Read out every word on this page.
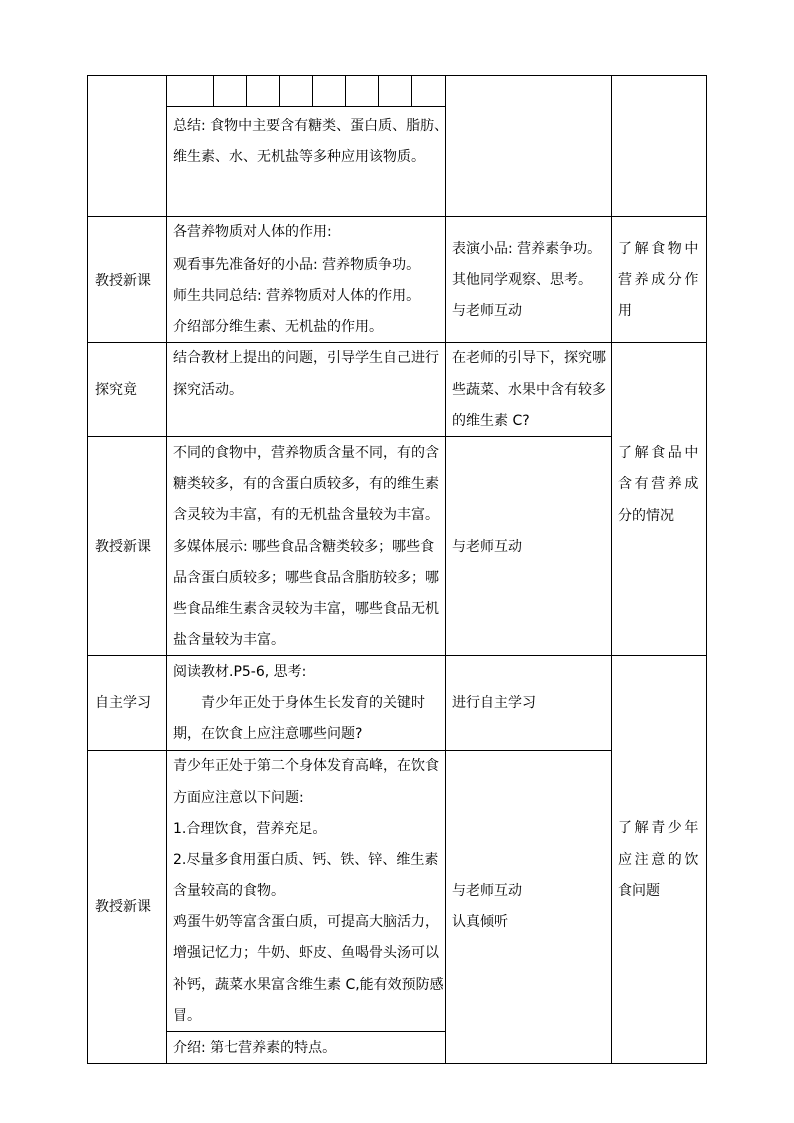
总结: 食物中主要含有糖类、蛋白质、脂肪、
维生素、水、无机盐等多种应用该物质。
教授新课
各营养物质对人体的作用:
观看事先准备好的小品: 营养物质争功。
师生共同总结: 营养物质对人体的作用。
介绍部分维生素、无机盐的作用。
表演小品: 营养素争功。
其他同学观察、思考。
与老师互动
了解食物中
营养成分作
用
探究竟
结合教材上提出的问题，引导学生自己进行
探究活动。
在老师的引导下，探究哪
些蔬菜、水果中含有较多
的维生素 C?
教授新课
不同的食物中，营养物质含量不同，有的含
糖类较多，有的含蛋白质较多，有的维生素
含灵较为丰富，有的无机盐含量较为丰富。
多媒体展示: 哪些食品含糖类较多；哪些食
品含蛋白质较多；哪些食品含脂肪较多；哪
些食品维生素含灵较为丰富，哪些食品无机
盐含量较为丰富。
与老师互动
了解食品中
含有营养成
分的情况
自主学习
阅读教材.P5-6, 思考:
青少年正处于身体生长发育的关键时
期，在饮食上应注意哪些问题?
进行自主学习
教授新课
青少年正处于第二个身体发育高峰，在饮食
方面应注意以下问题:
1.合理饮食，营养充足。
2.尽量多食用蛋白质、钙、铁、锌、维生素
含量较高的食物。
鸡蛋牛奶等富含蛋白质，可提高大脑活力，
增强记忆力；牛奶、虾皮、鱼喝骨头汤可以
补钙，蔬菜水果富含维生素 C,能有效预防感
冒。
介绍: 第七营养素的特点。
与老师互动
认真倾听
了解青少年
应注意的饮
食问题
